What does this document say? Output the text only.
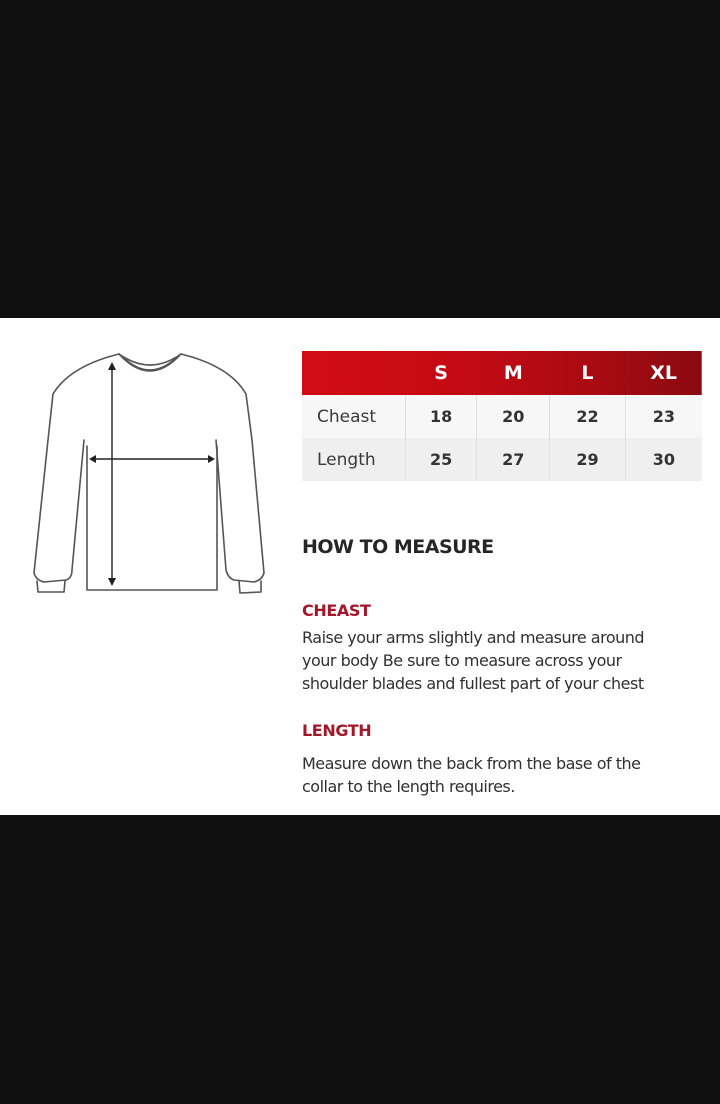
	S	M	L	XL
Cheast	18	20	22	23
Length	25	27	29	30
HOW TO MEASURE
CHEAST
Raise your arms slightly and measure around
your body Be sure to measure across your
shoulder blades and fullest part of your chest
LENGTH
Measure down the back from the base of the
collar to the length requires.
